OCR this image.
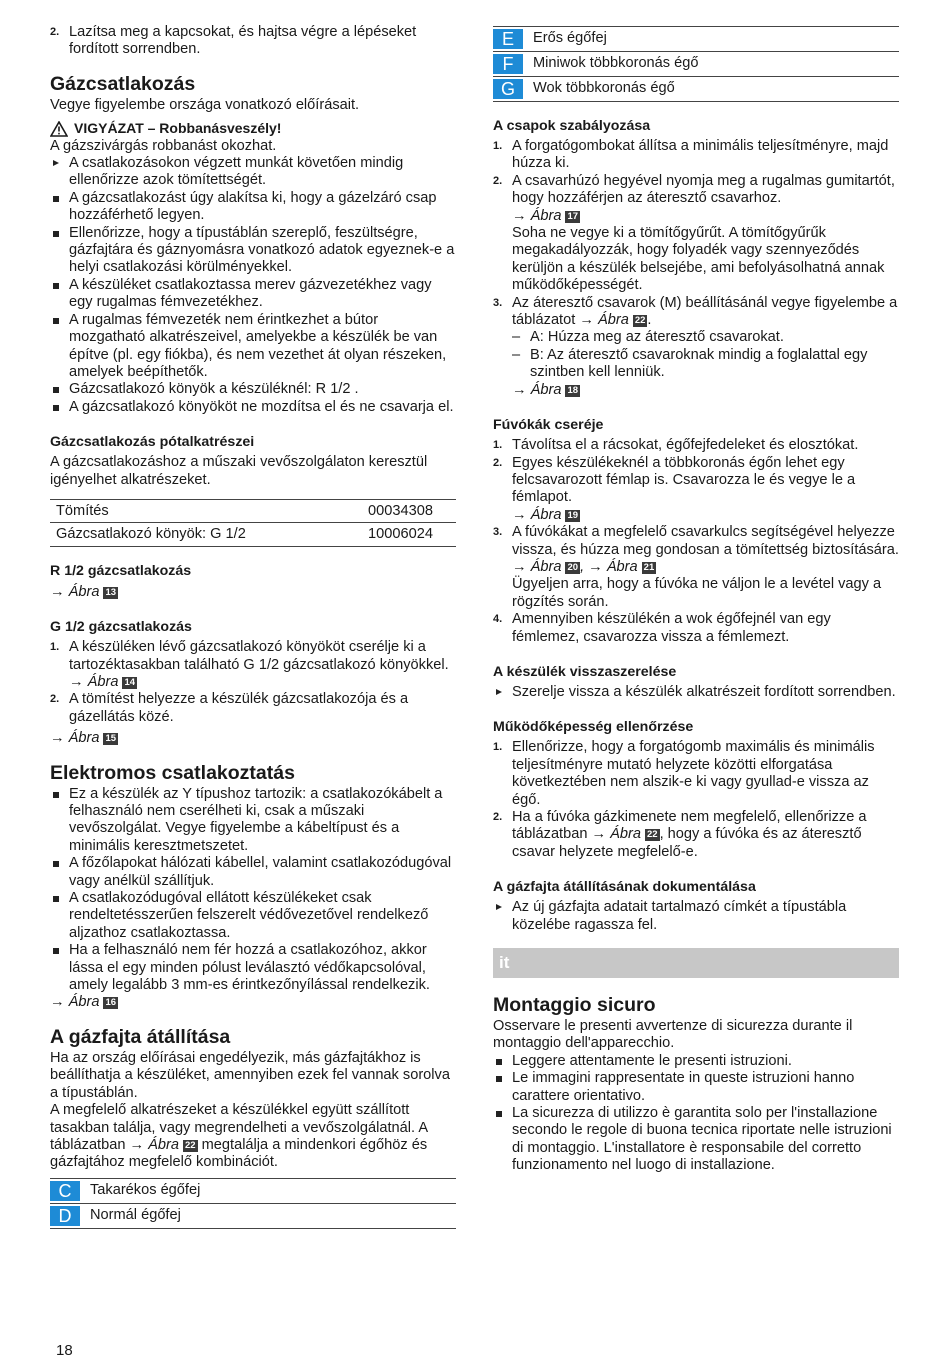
2. Lazítsa meg a kapcsokat, és hajtsa végre a lépéseket fordított sorrendben.
Gázcsatlakozás

Vegye figyelembe országa vonatkozó előírásait.

VIGYÁZAT – Robbanásveszély!

A gázszivárgás robbanást okozhat.

A csatlakozásokon végzett munkát követően mindig ellenőrizze azok tömítettségét.
A gázcsatlakozást úgy alakítsa ki, hogy a gázelzáró csap hozzáférhető legyen.
Ellenőrizze, hogy a típustáblán szereplő, feszültségre, gázfajtára és gáznyomásra vonatkozó adatok egyeznek-e a helyi csatlakozási körülményekkel.
A készüléket csatlakoztassa merev gázvezetékhez vagy egy rugalmas fémvezetékhez.
A rugalmas fémvezeték nem érintkezhet a bútor mozgatható alkatrészeivel, amelyekbe a készülék be van építve (pl. egy fiókba), és nem vezethet át olyan részeken, amelyek beépíthetők.
Gázcsatlakozó könyök a készüléknél: R 1/2 .
A gázcsatlakozó könyököt ne mozdítsa el és ne csavarja el.
Gázcsatlakozás pótalkatrészei

A gázcsatlakozáshoz a műszaki vevőszolgálaton keresztül igényelhet alkatrészeket.

Tömítés	00034308
Gázcsatlakozó könyök: G 1/2	10006024
R 1/2 gázcsatlakozás

→ Ábra 13

G 1/2 gázcsatlakozás
1. A készüléken lévő gázcsatlakozó könyököt cserélje ki a tartozéktasakban található G 1/2 gázcsatlakozó könyökkel.
→ Ábra 14
2. A tömítést helyezze a készülék gázcsatlakozója és a gázellátás közé.

→ Ábra 15

Elektromos csatlakoztatás
Ez a készülék az Y típushoz tartozik: a csatlakozókábelt a felhasználó nem cserélheti ki, csak a műszaki vevőszolgálat. Vegye figyelembe a kábeltípust és a minimális keresztmetszetet.
A főzőlapokat hálózati kábellel, valamint csatlakozódugóval vagy anélkül szállítjuk.
A csatlakozódugóval ellátott készülékeket csak rendeltetésszerűen felszerelt védővezetővel rendelkező aljzathoz csatlakoztassa.
Ha a felhasználó nem fér hozzá a csatlakozóhoz, akkor lássa el egy minden pólust leválasztó védőkapcsolóval, amely legalább 3 mm-es érintkezőnyílással rendelkezik.

→ Ábra 16

A gázfajta átállítása

Ha az ország előírásai engedélyezik, más gázfajtákhoz is beállíthatja a készüléket, amennyiben ezek fel vannak sorolva a típustáblán.

A megfelelő alkatrészeket a készülékkel együtt szállított tasakban találja, vagy megrendelheti a vevőszolgálatnál. A táblázatban → Ábra 22 megtalálja a mindenkori égőhöz és gázfajtához megfelelő kombinációt.

C	Takarékos égőfej
D	Normál égőfej
E	Erős égőfej
F	Miniwok többkoronás égő
G	Wok többkoronás égő
A csapok szabályozása
1. A forgatógombokat állítsa a minimális teljesítményre, majd húzza ki.
2. A csavarhúzó hegyével nyomja meg a rugalmas gumitartót, hogy hozzáférjen az áteresztő csavarhoz.
→ Ábra 17
Soha ne vegye ki a tömítőgyűrűt. A tömítőgyűrűk megakadályozzák, hogy folyadék vagy szennyeződés kerüljön a készülék belsejébe, ami befolyásolhatná annak működőképességét.
3. Az áteresztő csavarok (M) beállításánál vegye figyelembe a táblázatot → Ábra 22 .
– A: Húzza meg az áteresztő csavarokat.
– B: Az áteresztő csavaroknak mindig a foglalattal egy szintben kell lenniük.

→ Ábra 18

Fúvókák cseréje
1. Távolítsa el a rácsokat, égőfejfedeleket és elosztókat.
2. Egyes készülékeknél a többkoronás égőn lehet egy felcsavarozott fémlap is. Csavarozza le és vegye le a fémlapot.
→ Ábra 19
3. A fúvókákat a megfelelő csavarkulcs segítségével helyezze vissza, és húzza meg gondosan a tömítettség biztosítására.
→ Ábra 20 , → Ábra 21
Ügyeljen arra, hogy a fúvóka ne váljon le a levétel vagy a rögzítés során.
4. Amennyiben készülékén a wok égőfejnél van egy fémlemez, csavarozza vissza a fémlemezt.
A készülék visszaszerelése
Szerelje vissza a készülék alkatrészeit fordított sorrendben.
Működőképesség ellenőrzése
1. Ellenőrizze, hogy a forgatógomb maximális és minimális teljesítményre mutató helyzete közötti elforgatása következtében nem alszik-e ki vagy gyullad-e vissza az égő.
2. Ha a fúvóka gázkimenete nem megfelelő, ellenőrizze a táblázatban → Ábra 22 , hogy a fúvóka és az áteresztő csavar helyzete megfelelő-e.
A gázfajta átállításának dokumentálása
Az új gázfajta adatait tartalmazó címkét a típustábla közelébe ragassza fel.
it
Montaggio sicuro

Osservare le presenti avvertenze di sicurezza durante il montaggio dell'apparecchio.

Leggere attentamente le presenti istruzioni.
Le immagini rappresentate in queste istruzioni hanno carattere orientativo.
La sicurezza di utilizzo è garantita solo per l'installazione secondo le regole di buona tecnica riportate nelle istruzioni di montaggio. L'installatore è responsabile del corretto funzionamento nel luogo di installazione.
18
